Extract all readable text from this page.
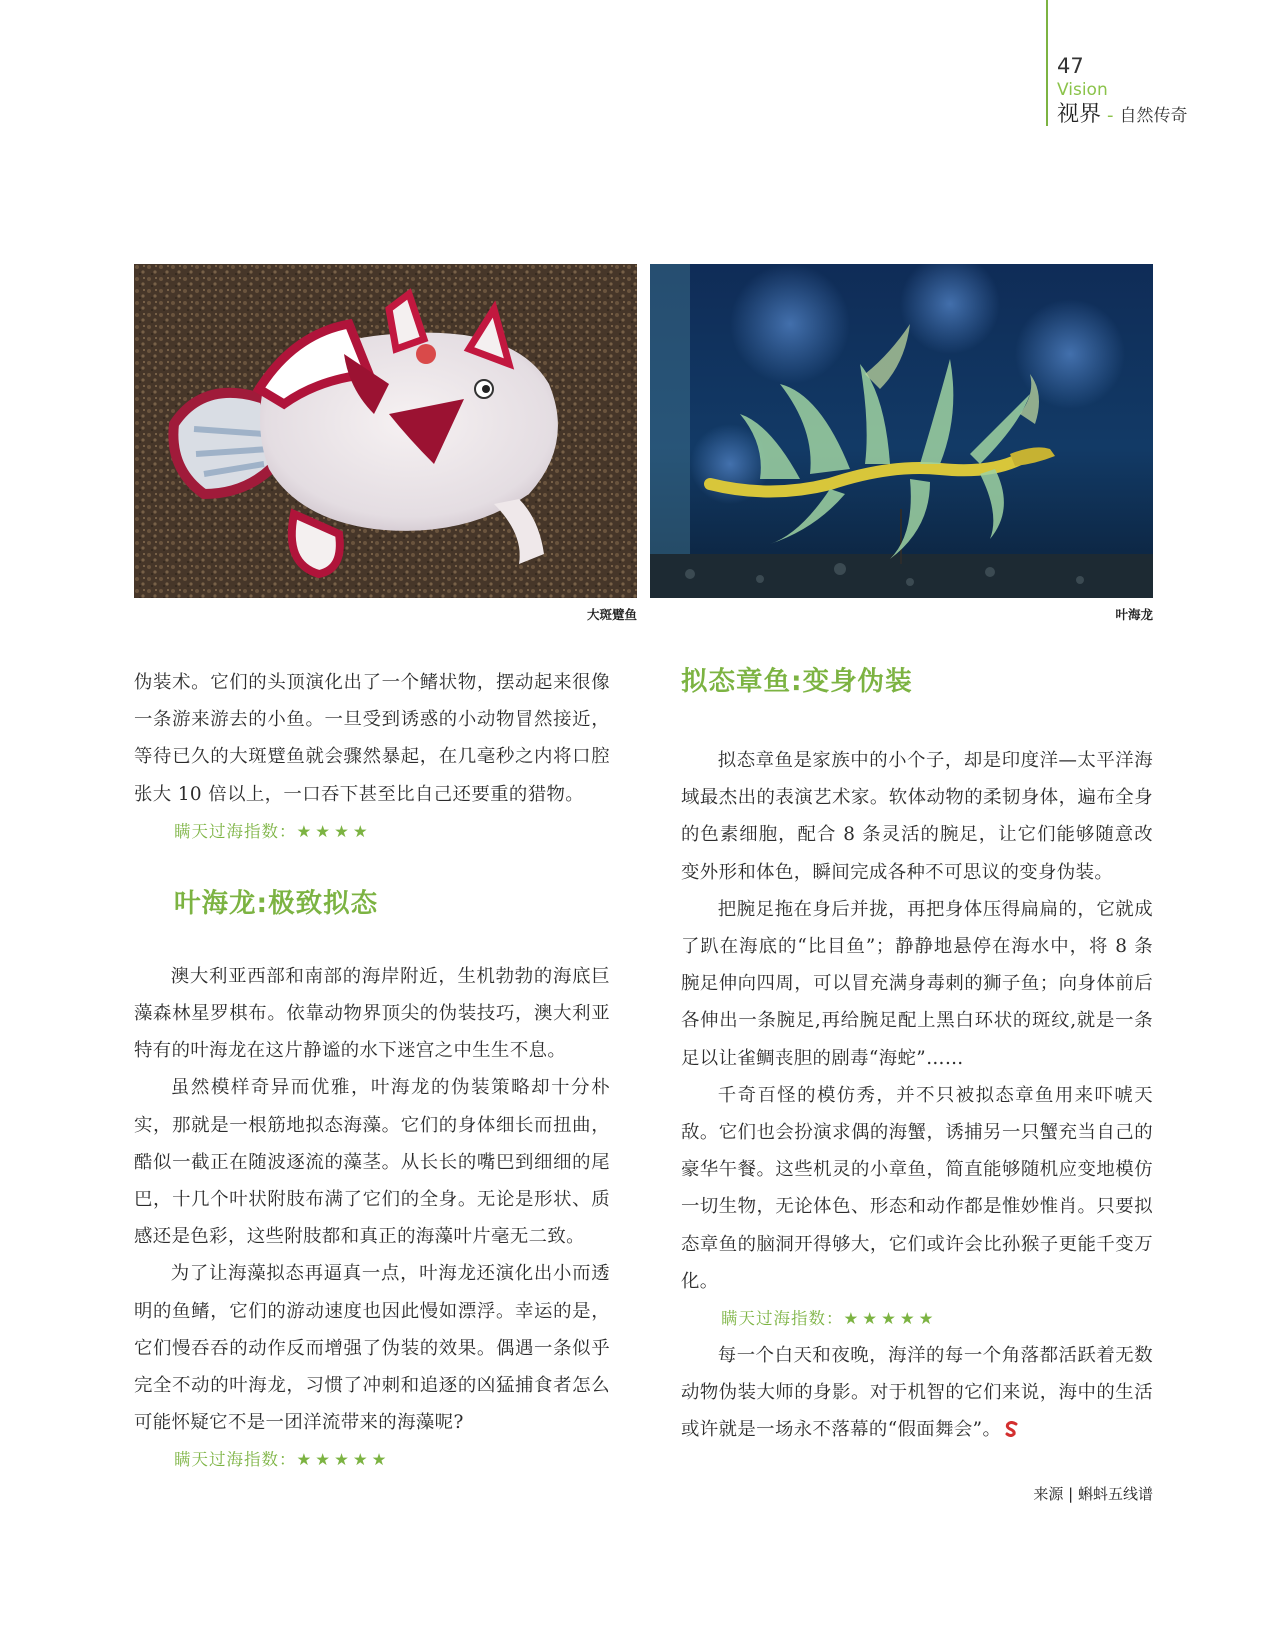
47
Vision
视界 - 自然传奇
大斑躄鱼	叶海龙

伪装术。它们的头顶演化出了一个鳍状物，摆动起来很像一条游来游去的小鱼。一旦受到诱惑的小动物冒然接近，等待已久的大斑躄鱼就会骤然暴起，在几毫秒之内将口腔张大 10 倍以上，一口吞下甚至比自己还要重的猎物。

瞒天过海指数：★★★★

叶海龙:极致拟态

澳大利亚西部和南部的海岸附近，生机勃勃的海底巨藻森林星罗棋布。依靠动物界顶尖的伪装技巧，澳大利亚特有的叶海龙在这片静谧的水下迷宫之中生生不息。

虽然模样奇异而优雅，叶海龙的伪装策略却十分朴实，那就是一根筋地拟态海藻。它们的身体细长而扭曲，酷似一截正在随波逐流的藻茎。从长长的嘴巴到细细的尾巴，十几个叶状附肢布满了它们的全身。无论是形状、质感还是色彩，这些附肢都和真正的海藻叶片毫无二致。

为了让海藻拟态再逼真一点，叶海龙还演化出小而透明的鱼鳍，它们的游动速度也因此慢如漂浮。幸运的是，它们慢吞吞的动作反而增强了伪装的效果。偶遇一条似乎完全不动的叶海龙，习惯了冲刺和追逐的凶猛捕食者怎么可能怀疑它不是一团洋流带来的海藻呢?

瞒天过海指数：★★★★★

拟态章鱼:变身伪装

拟态章鱼是家族中的小个子，却是印度洋—太平洋海域最杰出的表演艺术家。软体动物的柔韧身体，遍布全身的色素细胞，配合 8 条灵活的腕足，让它们能够随意改变外形和体色，瞬间完成各种不可思议的变身伪装。

把腕足拖在身后并拢，再把身体压得扁扁的，它就成了趴在海底的“比目鱼”；静静地悬停在海水中，将 8 条腕足伸向四周，可以冒充满身毒刺的狮子鱼；向身体前后各伸出一条腕足,再给腕足配上黑白环状的斑纹,就是一条足以让雀鲷丧胆的剧毒“海蛇”……

千奇百怪的模仿秀，并不只被拟态章鱼用来吓唬天敌。它们也会扮演求偶的海蟹，诱捕另一只蟹充当自己的豪华午餐。这些机灵的小章鱼，简直能够随机应变地模仿一切生物，无论体色、形态和动作都是惟妙惟肖。只要拟态章鱼的脑洞开得够大，它们或许会比孙猴子更能千变万化。

瞒天过海指数：★★★★★

每一个白天和夜晚，海洋的每一个角落都活跃着无数动物伪装大师的身影。对于机智的它们来说，海中的生活或许就是一场永不落幕的“假面舞会”。

来源 | 蝌蚪五线谱
